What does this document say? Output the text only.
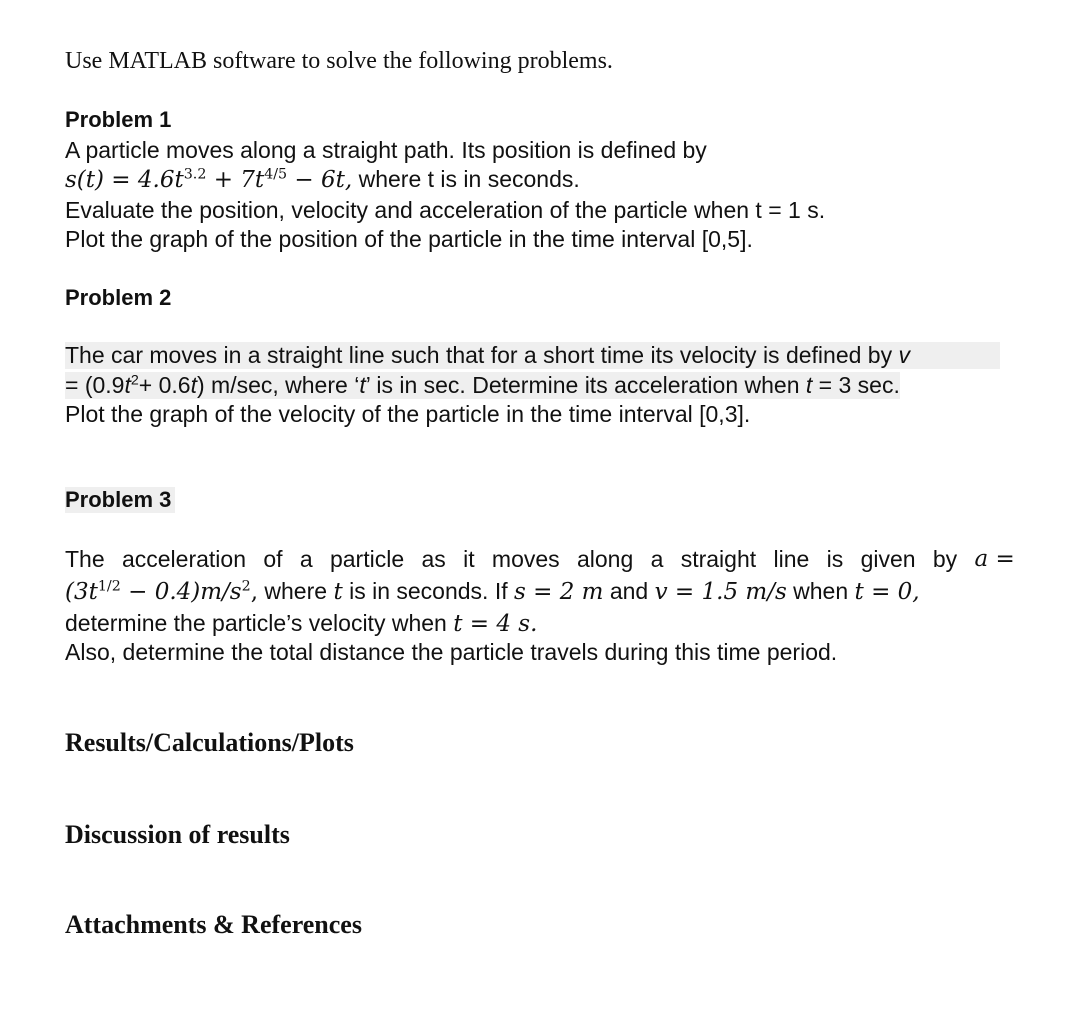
Use MATLAB software to solve the following problems.
Problem 1
A particle moves along a straight path. Its position is defined by
$s(t) = 4.6t^{3.2} + 7t^{4/5} - 6t$, where t is in seconds.
Evaluate the position, velocity and acceleration of the particle when t = 1 s.
Plot the graph of the position of the particle in the time interval [0,5].
Problem 2
The car moves in a straight line such that for a short time its velocity is defined by v
= $(0.9t^2+ 0.6t)$ m/sec, where ‘t’ is in sec. Determine its acceleration when t = 3 sec.
Plot the graph of the velocity of the particle in the time interval [0,3].
Problem 3
The acceleration of a particle as it moves along a straight line is given by a =
$(3t^{1/2} - 0.4)m/s^2$, where t is in seconds. If s = 2 m and v = 1.5 m/s when t = 0,
determine the particle’s velocity when t = 4 s.
Also, determine the total distance the particle travels during this time period.
Results/Calculations/Plots
Discussion of results
Attachments & References
